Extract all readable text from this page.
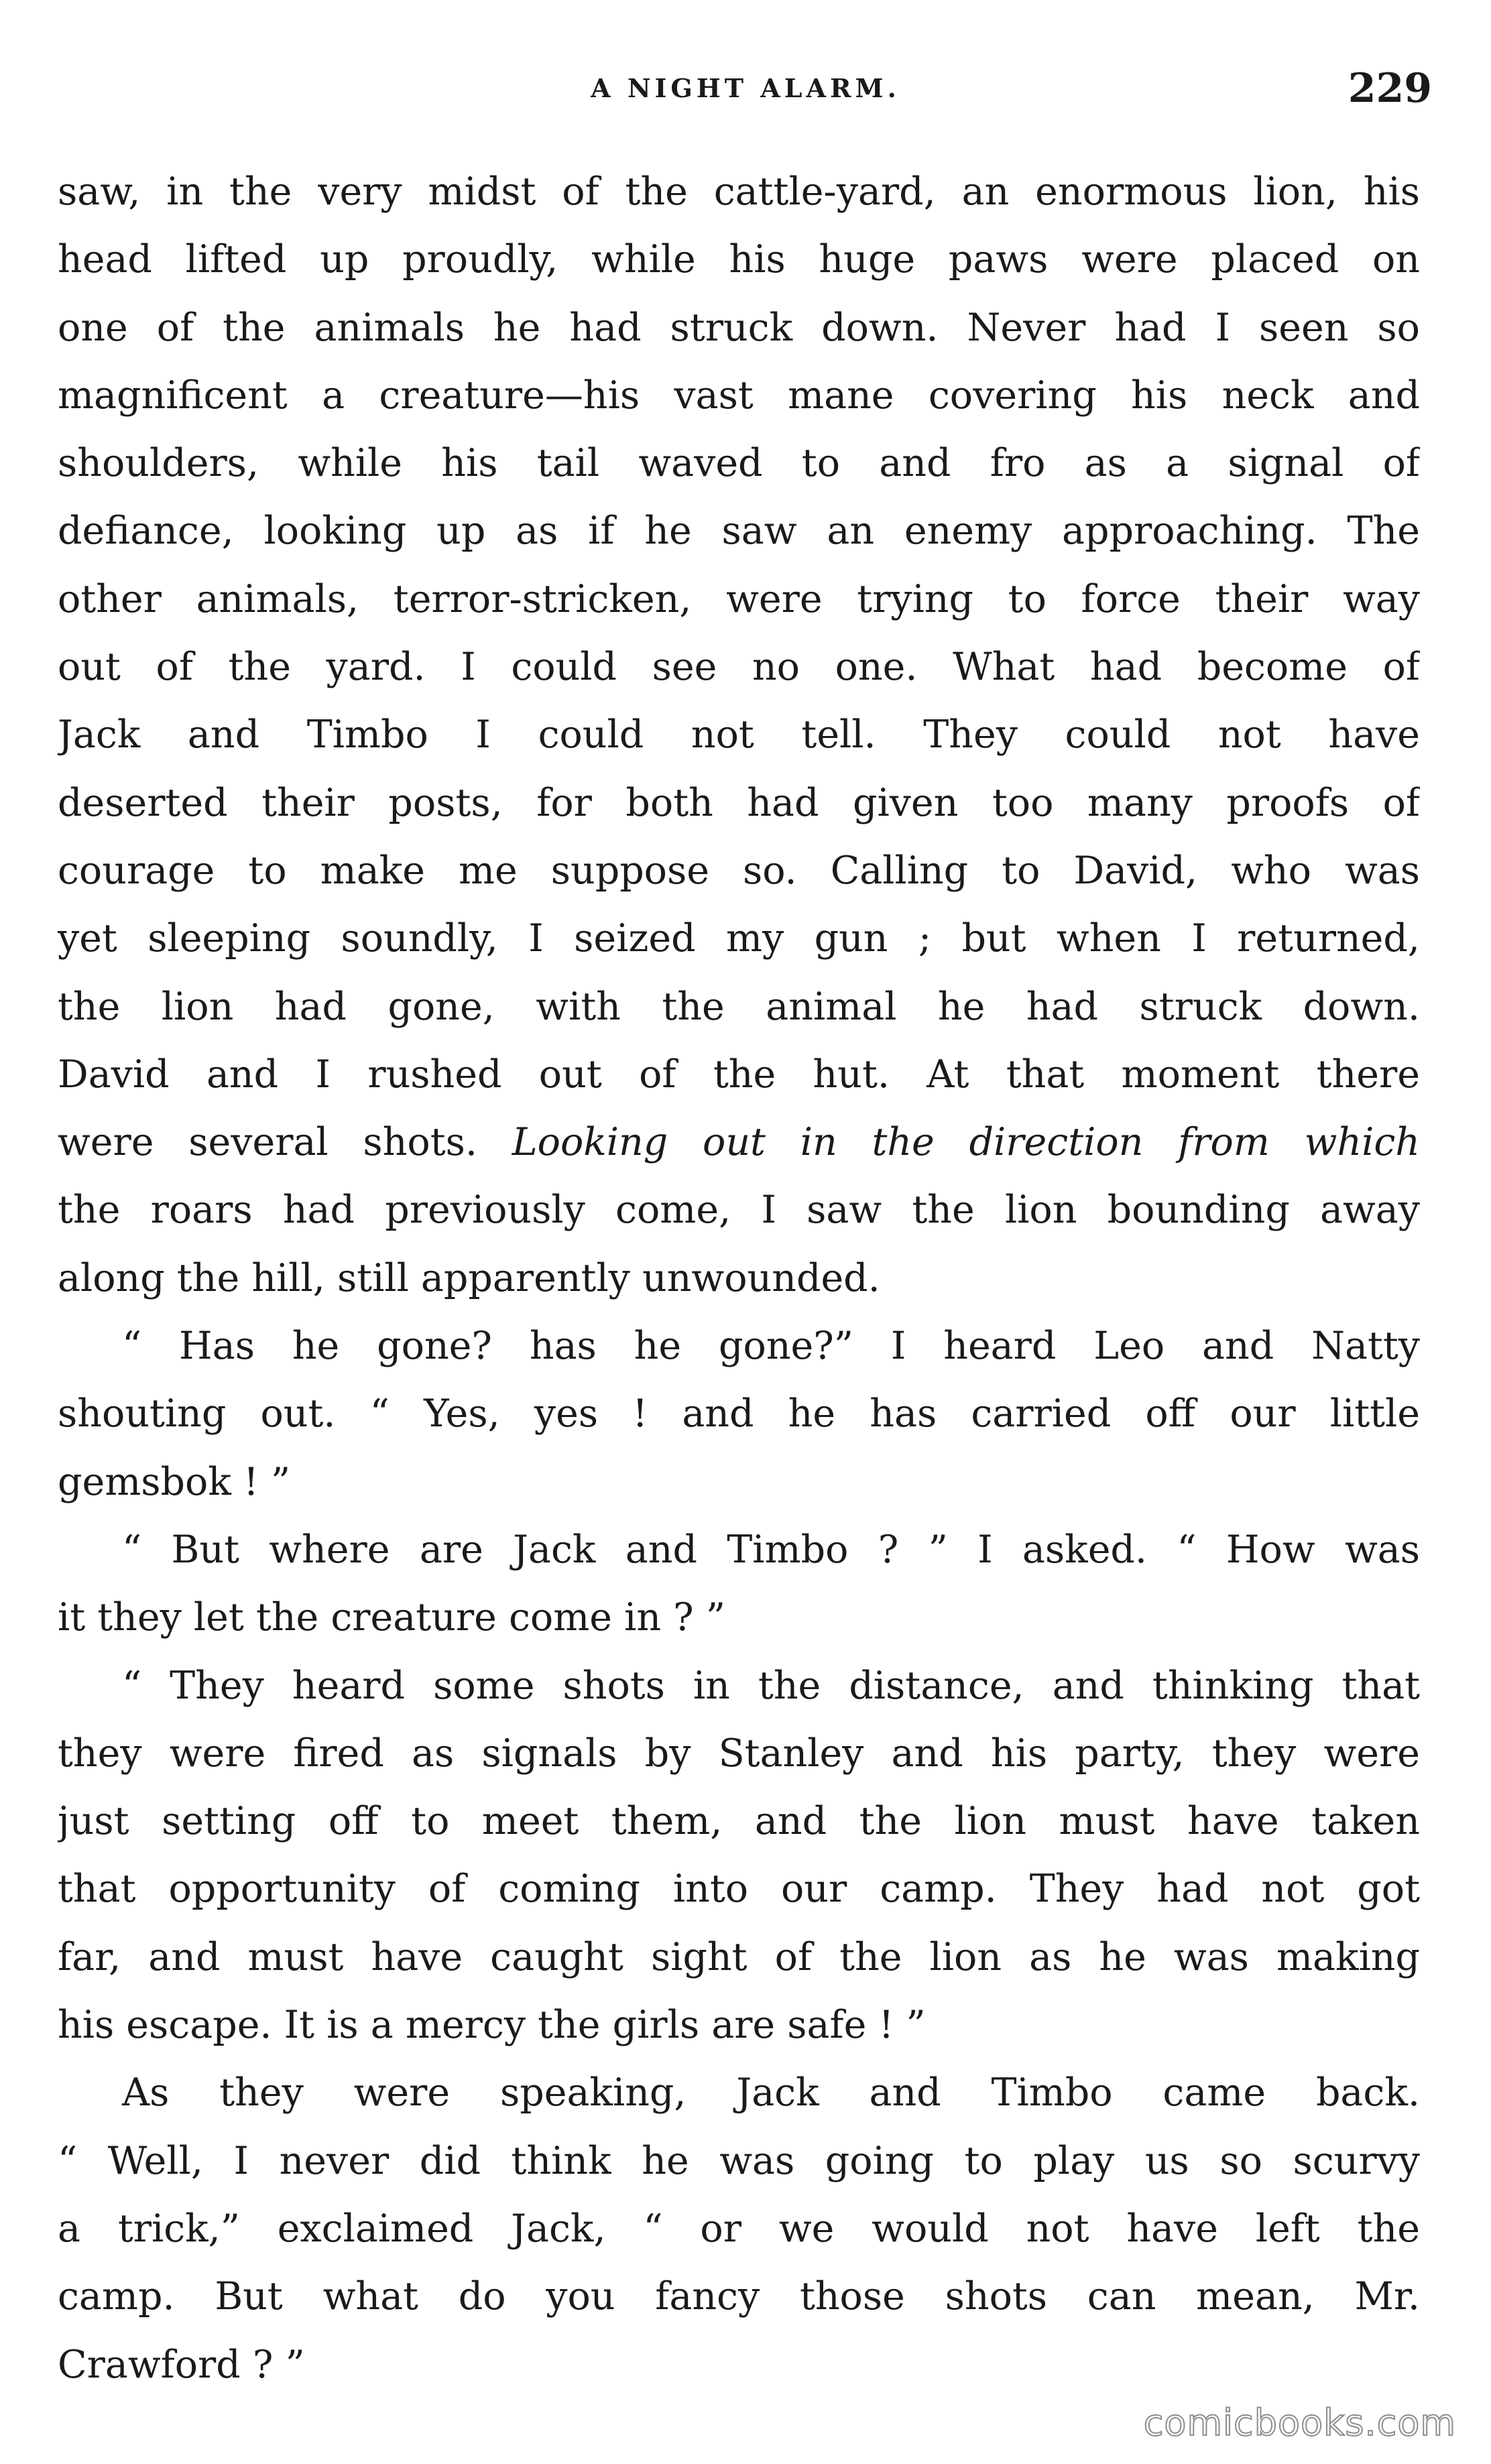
A NIGHT ALARM.	229
saw, in the very midst of the cattle-yard, an enormous lion, his
head lifted up proudly, while his huge paws were placed on
one of the animals he had struck down. Never had I seen so
magnificent a creature—his vast mane covering his neck and
shoulders, while his tail waved to and fro as a signal of
defiance, looking up as if he saw an enemy approaching. The
other animals, terror-stricken, were trying to force their way
out of the yard. I could see no one. What had become of
Jack and Timbo I could not tell. They could not have
deserted their posts, for both had given too many proofs of
courage to make me suppose so. Calling to David, who was
yet sleeping soundly, I seized my gun ; but when I returned,
the lion had gone, with the animal he had struck down.
David and I rushed out of the hut. At that moment there
were several shots. Looking out in the direction from which
the roars had previously come, I saw the lion bounding away
along the hill, still apparently unwounded.
“ Has he gone? has he gone?” I heard Leo and Natty
shouting out. “ Yes, yes ! and he has carried off our little
gemsbok ! ”
“ But where are Jack and Timbo ? ” I asked. “ How was
it they let the creature come in ? ”
“ They heard some shots in the distance, and thinking that
they were fired as signals by Stanley and his party, they were
just setting off to meet them, and the lion must have taken
that opportunity of coming into our camp. They had not got
far, and must have caught sight of the lion as he was making
his escape. It is a mercy the girls are safe ! ”
As they were speaking, Jack and Timbo came back.
“ Well, I never did think he was going to play us so scurvy
a trick,” exclaimed Jack, “ or we would not have left the
camp. But what do you fancy those shots can mean, Mr.
Crawford ? ”
comicbooks.com
